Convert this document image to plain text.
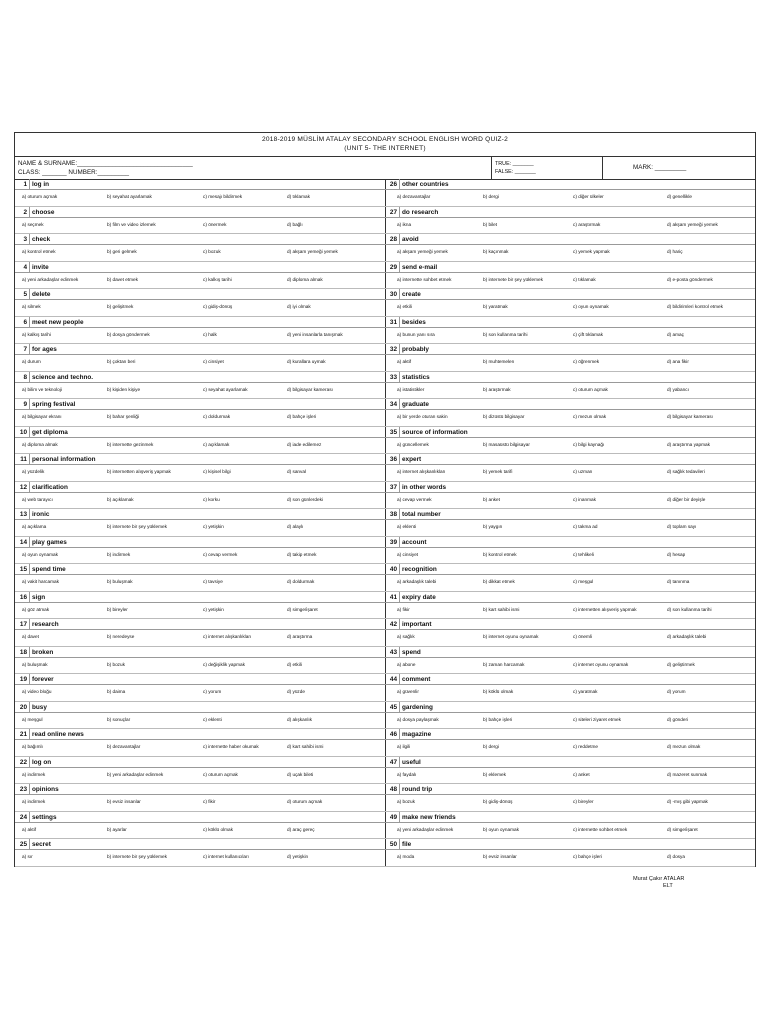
2018-2019 MÜSLİM ATALAY SECONDARY SCHOOL ENGLISH WORD QUIZ-2
(UNIT 5- THE INTERNET)
NAME & SURNAME:_________________________________
CLASS: _______ NUMBER:_________
TRUE: _______
FALSE: _______
MARK: _________
1 log in
a) oturum açmak	b) seyahat ayarlamak	c) mesajı bildirmek	d) tıklamak
2 choose
a) seçmek	b) film ve video izlemek	c) önermek	d) bağlı
3 check
a) kontrol etmek	b) geri gelmek	c) bozuk	d) akşam yemeği yemek
4 invite
a) yeni arkadaşlar edinmek	b) davet etmek	c) kalkış tarihi	d) diploma almak
5 delete
a) silmek	b) gelişitmek	c) gidiş-dönüş	d) iyi olmak
6 meet new people
a) kalkış tarihi	b) dosya göndermek	c) halk	d) yeni insanlarla tanışmak
7 for ages
a) durum	b) çoktan beri	c) cinsiyet	d) kurallara uymak
8 science and techno.
a) bilim ve teknoloji	b) kişiden kişiye	c) seyahat ayarlamak	d) bilgisayar kamerası
9 spring festival
a) bilgisayar ekranı	b) bahar şenliği	c) doldurmak	d) bahçe işleri
10 get diploma
a) diploma almak	b) internette gezinmek	c) açıklamak	d) iade edilemez
11 personal information
a) yüzdelik	b) internetten alışveriş yapmak	c) kişisel bilgi	d) sanval
12 clarification
a) web tarayıcı	b) açıklamak	c) korku	d) son günlerdeki
13 ironic
a) açıklama	b) internete bir şey yüklemek	c) yetişkin	d) alaylı
14 play games
a) oyun oynamak	b) indirmek	c) cevap vermek	d) takip etmek
15 spend time
a) vakit harcamak	b) buluşmak	c) tavsiye	d) doldurmak
16 sign
a) göz atmak	b) bireyler	c) yetişkin	d) simge/işaret
17 research
a) davet	b) neredeyse	c) internet alışkanlıkları	d) araştırma
18 broken
a) buluşmak	b) bozuk	c) değişiklik yapmak	d) etkili
19 forever
a) video bloğu	b) daima	c) yorum	d) yüzde
20 busy
a) meşgul	b) sonuçlar	c) eklenti	d) alışkanlık
21 read online news
a) bağımlı	b) dezavantajlar	c) internette haber okumak	d) kart sahibi ismi
22 log on
a) indirmek	b) yeni arkadaşlar edinmek	c) oturum açmak	d) uçak bileti
23 opinions
a) indirmek	b) evsiz insanlar	c) fikir	d) oturum açmak
24 settings
a) aktif	b) ayarlar	c) köklü olmak	d) araç gereç
25 secret
a) sır	b) internete bir şey yüklemek	c) internet kullanıcıları	d) yetişkin
26 other countries
a) dezavantajlar	b) dergi	c) diğer ülkeler	d) genellikle
27 do research
a) ikna	b) bilet	c) araştırmak	d) akşam yemeği yemek
28 avoid
a) akşam yemeği yemek	b) kaçınmak	c) yemek yapmak	d) hariç
29 send e-mail
a) internette sohbet etmek	b) internete bir şey yüklemek	c) tıklamak	d) e-posta göndermek
30 create
a) etkili	b) yaratmak	c) oyun oynamak	d) bildirimleri kontrol etmek
31 besides
a) bunun yanı sıra	b) son kullanma tarihi	c) çift tıklamak	d) amaç
32 probably
a) aktif	b) muhtemelen	c) öğrenmek	d) ana fikir
33 statistics
a) istatistikler	b) araştırmak	c) oturum açmak	d) yabancı
34 graduate
a) bir yerde oturan sakin	b) dizüstü bilgisayar	c) mezun olmak	d) bilgisayar kamerası
35 source of information
a) güncellemek	b) masaüstü bilgisayar	c) bilgi kaynağı	d) araştırma yapmak
36 expert
a) internet alışkanlıkları	b) yemek tarifi	c) uzman	d) sağlık tedavileri
37 in other words
a) cevap vermek	b) anket	c) inanmak	d) diğer bir deyişle
38 total number
a) eklenti	b) yaygın	c) takma ad	d) toplam sayı
39 account
a) cinsiyet	b) kontrol etmek	c) tehlikeli	d) hesap
40 recognition
a) arkadaşlık talebi	b) dikkat etmek	c) meşgul	d) tanınma
41 expiry date
a) fikir	b) kart sahibi ismi	c) internetten alışveriş yapmak	d) son kullanma tarihi
42 important
a) sağlık	b) internet oyunu oynamak	c) önemli	d) arkadaşlık talebi
43 spend
a) abone	b) zaman harcamak	c) internet oyunu oynamak	d) geliştirmek
44 comment
a) güvenlir	b) köklü olmak	c) yaratmak	d) yorum
45 gardening
a) dosya paylaşmak	b) bahçe işleri	c) siteleri ziyaret etmek	d) gönderi
46 magazine
a) ilgili	b) dergi	c) reddetme	d) mezun olmak
47 useful
a) faydalı	b) eklemek	c) anket	d) mazeret sunmak
48 round trip
a) bozuk	b) gidiş-dönüş	c) bireyler	d) -mış gibi yapmak
49 make new friends
a) yeni arkadaşlar edinmek	b) oyun oynamak	c) internette sohbet etmek	d) simge/işaret
50 file
a) moda	b) evsiz insanlar	c) bahçe işleri	d) dosya
Murat Çakır ATALAR
ELT
